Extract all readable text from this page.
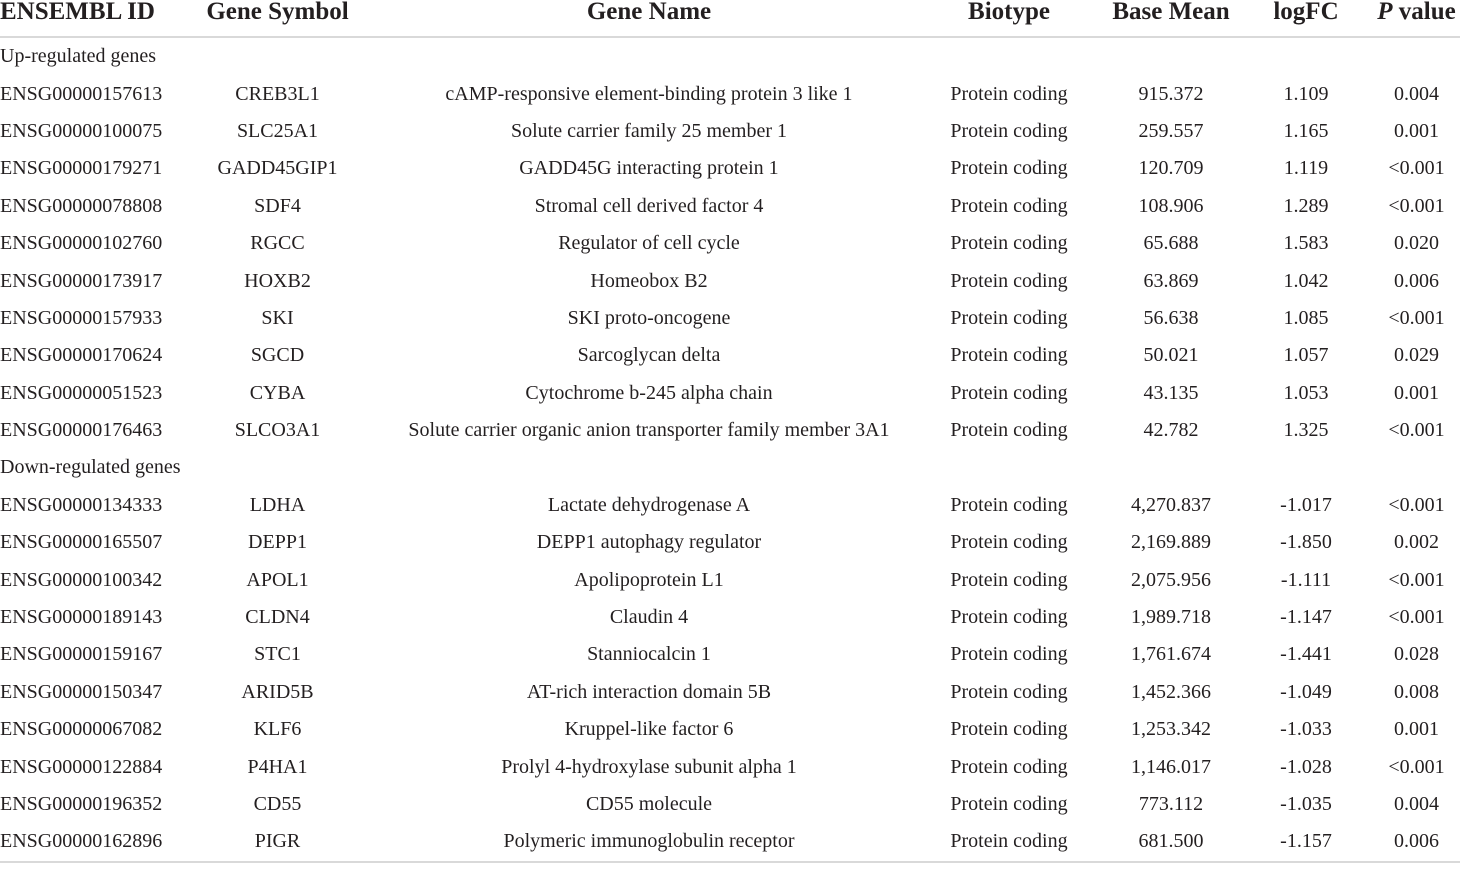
ENSEMBL ID	Gene Symbol	Gene Name	Biotype	Base Mean	logFC	P value
Up-regulated genes						
ENSG00000157613	CREB3L1	cAMP-responsive element-binding protein 3 like 1	Protein coding	915.372	1.109	0.004
ENSG00000100075	SLC25A1	Solute carrier family 25 member 1	Protein coding	259.557	1.165	0.001
ENSG00000179271	GADD45GIP1	GADD45G interacting protein 1	Protein coding	120.709	1.119	<0.001
ENSG00000078808	SDF4	Stromal cell derived factor 4	Protein coding	108.906	1.289	<0.001
ENSG00000102760	RGCC	Regulator of cell cycle	Protein coding	65.688	1.583	0.020
ENSG00000173917	HOXB2	Homeobox B2	Protein coding	63.869	1.042	0.006
ENSG00000157933	SKI	SKI proto-oncogene	Protein coding	56.638	1.085	<0.001
ENSG00000170624	SGCD	Sarcoglycan delta	Protein coding	50.021	1.057	0.029
ENSG00000051523	CYBA	Cytochrome b-245 alpha chain	Protein coding	43.135	1.053	0.001
ENSG00000176463	SLCO3A1	Solute carrier organic anion transporter family member 3A1	Protein coding	42.782	1.325	<0.001
Down-regulated genes						
ENSG00000134333	LDHA	Lactate dehydrogenase A	Protein coding	4,270.837	-1.017	<0.001
ENSG00000165507	DEPP1	DEPP1 autophagy regulator	Protein coding	2,169.889	-1.850	0.002
ENSG00000100342	APOL1	Apolipoprotein L1	Protein coding	2,075.956	-1.111	<0.001
ENSG00000189143	CLDN4	Claudin 4	Protein coding	1,989.718	-1.147	<0.001
ENSG00000159167	STC1	Stanniocalcin 1	Protein coding	1,761.674	-1.441	0.028
ENSG00000150347	ARID5B	AT-rich interaction domain 5B	Protein coding	1,452.366	-1.049	0.008
ENSG00000067082	KLF6	Kruppel-like factor 6	Protein coding	1,253.342	-1.033	0.001
ENSG00000122884	P4HA1	Prolyl 4-hydroxylase subunit alpha 1	Protein coding	1,146.017	-1.028	<0.001
ENSG00000196352	CD55	CD55 molecule	Protein coding	773.112	-1.035	0.004
ENSG00000162896	PIGR	Polymeric immunoglobulin receptor	Protein coding	681.500	-1.157	0.006
